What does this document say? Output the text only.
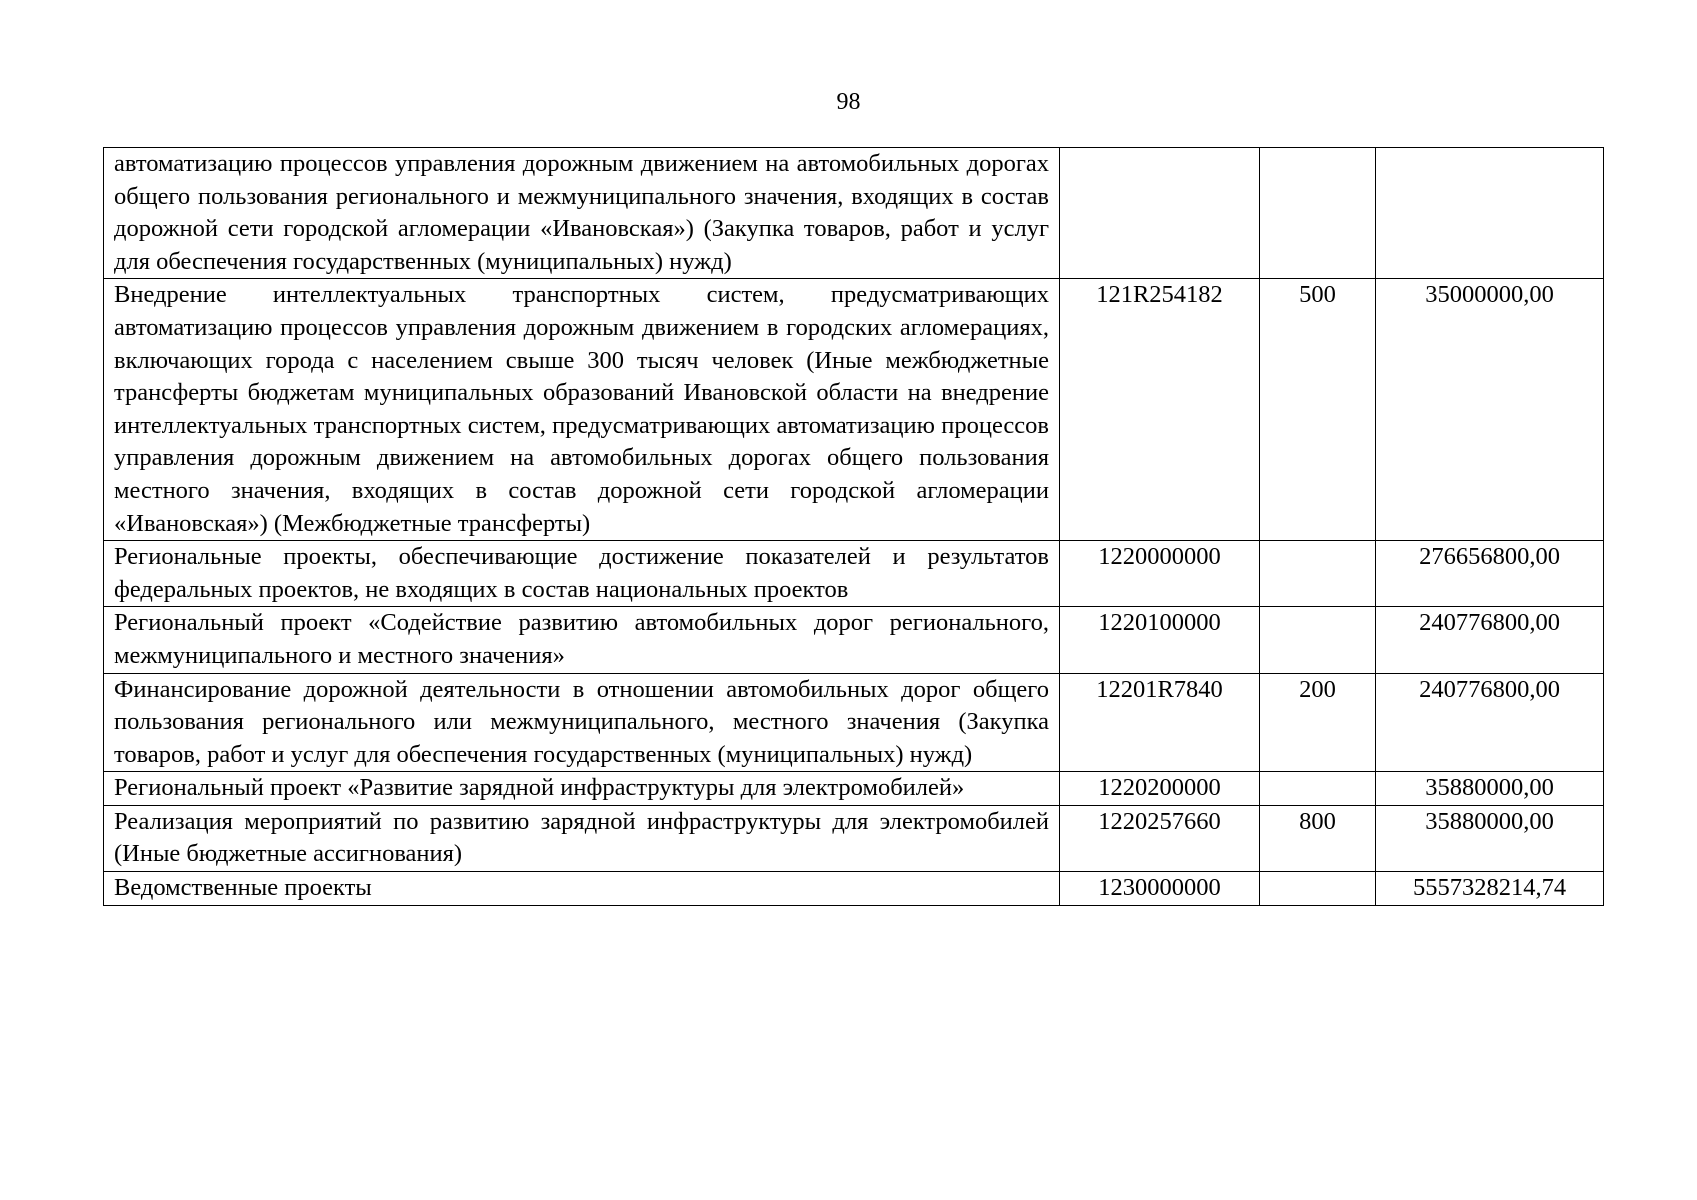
98
автоматизацию процессов управления дорожным движением на автомобильных дорогах общего пользования регионального и межмуниципального значения, входящих в состав дорожной сети городской агломерации «Ивановская») (Закупка товаров, работ и услуг для обеспечения государственных (муниципальных) нужд)			
Внедрение интеллектуальных транспортных систем, предусматривающих автоматизацию процессов управления дорожным движением в городских агломерациях, включающих города с населением свыше 300 тысяч человек (Иные межбюджетные трансферты бюджетам муниципальных образований Ивановской области на внедрение интеллектуальных транспортных систем, предусматривающих автоматизацию процессов управления дорожным движением на автомобильных дорогах общего пользования местного значения, входящих в состав дорожной сети городской агломерации «Ивановская») (Межбюджетные трансферты)	121R254182	500	35000000,00
Региональные проекты, обеспечивающие достижение показателей и результатов федеральных проектов, не входящих в состав национальных проектов	1220000000		276656800,00
Региональный проект «Содействие развитию автомобильных дорог регионального, межмуниципального и местного значения»	1220100000		240776800,00
Финансирование дорожной деятельности в отношении автомобильных дорог общего пользования регионального или межмуниципального, местного значения (Закупка товаров, работ и услуг для обеспечения государственных (муниципальных) нужд)	12201R7840	200	240776800,00
Региональный проект «Развитие зарядной инфраструктуры для электромобилей»	1220200000		35880000,00
Реализация мероприятий по развитию зарядной инфраструктуры для электромобилей (Иные бюджетные ассигнования)	1220257660	800	35880000,00
Ведомственные проекты	1230000000		5557328214,74
